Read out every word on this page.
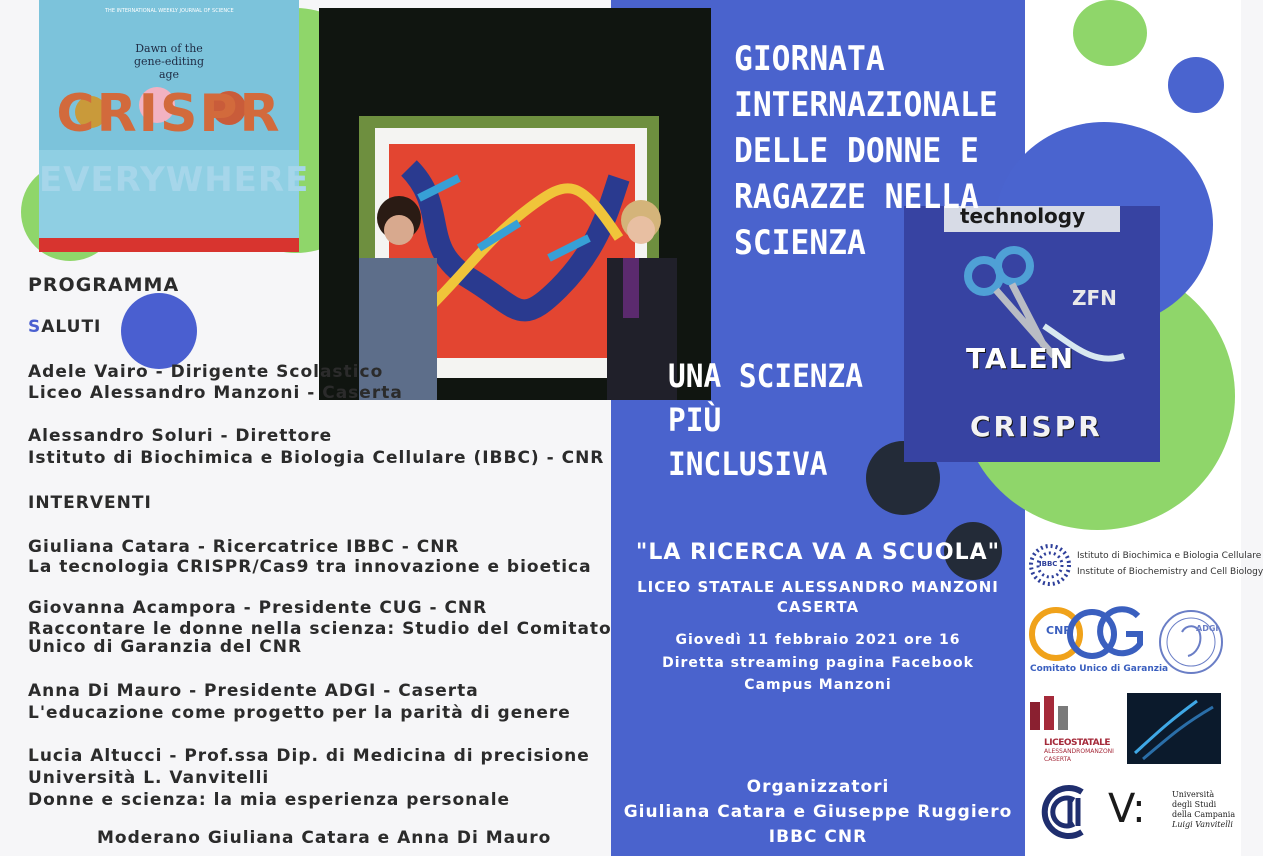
THE INTERNATIONAL WEEKLY JOURNAL OF SCIENCE
Dawn of the
gene-editing age
CRISPR
EVERYWHERE
technology
TALEN
ZFN
CRISPR
GIORNATA
INTERNAZIONALE
DELLE DONNE E
RAGAZZE NELLA
SCIENZA
UNA SCIENZA
PIÙ
INCLUSIVA
"LA RICERCA VA A SCUOLA"
LICEO STATALE ALESSANDRO MANZONI
CASERTA
Giovedì 11 febbraio 2021 ore 16
Diretta streaming pagina Facebook
Campus Manzoni
Organizzatori
Giuliana Catara e Giuseppe Ruggiero
IBBC CNR
PROGRAMMA
SALUTI
Adele Vairo - Dirigente Scolastico
Liceo Alessandro Manzoni - Caserta
Alessandro Soluri - Direttore
Istituto di Biochimica e Biologia Cellulare (IBBC) - CNR
INTERVENTI
Giuliana Catara - Ricercatrice IBBC - CNR
La tecnologia CRISPR/Cas9 tra innovazione e bioetica
Giovanna Acampora - Presidente CUG - CNR
Raccontare le donne nella scienza: Studio del Comitato
Unico di Garanzia del CNR
Anna Di Mauro - Presidente ADGI - Caserta
L'educazione come progetto per la parità di genere
Lucia Altucci - Prof.ssa Dip. di Medicina di precisione
Università L. Vanvitelli
Donne e scienza: la mia esperienza personale
Moderano Giuliana Catara e Anna Di Mauro
IBBC
Istituto di Biochimica e Biologia Cellulare
Institute of Biochemistry and Cell Biology
CNR
Comitato Unico di Garanzia
ADGI
LICEOSTATALE
ALESSANDROMANZONI
CASERTA
V:	Università
degli Studi
della Campania
Luigi Vanvitelli
